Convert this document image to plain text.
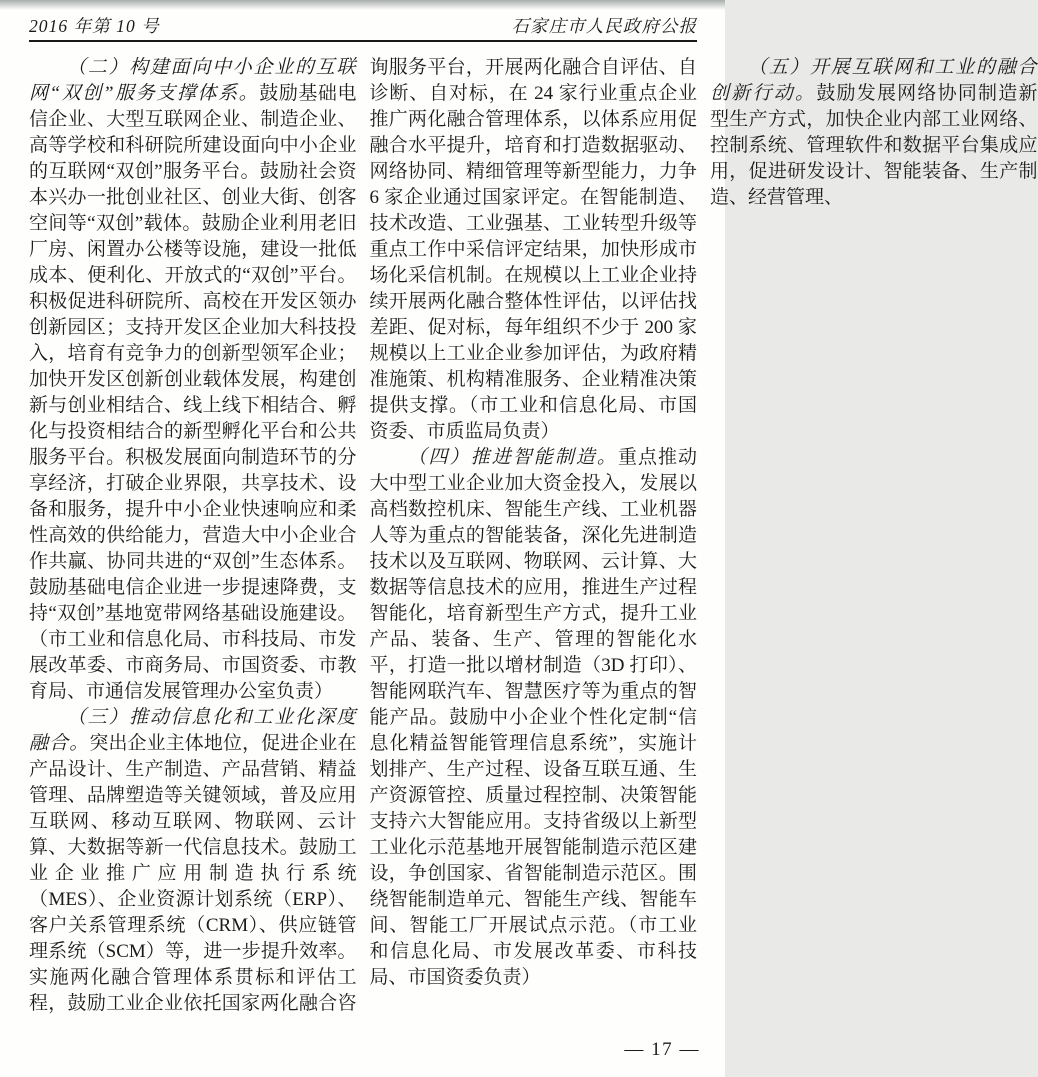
2016 年第 10 号	石家庄市人民政府公报

（二）构建面向中小企业的互联网“双创”服务支撑体系。鼓励基础电信企业、大型互联网企业、制造企业、高等学校和科研院所建设面向中小企业的互联网“双创”服务平台。鼓励社会资本兴办一批创业社区、创业大街、创客空间等“双创”载体。鼓励企业利用老旧厂房、闲置办公楼等设施，建设一批低成本、便利化、开放式的“双创”平台。积极促进科研院所、高校在开发区领办创新园区；支持开发区企业加大科技投入，培育有竞争力的创新型领军企业；加快开发区创新创业载体发展，构建创新与创业相结合、线上线下相结合、孵化与投资相结合的新型孵化平台和公共服务平台。积极发展面向制造环节的分享经济，打破企业界限，共享技术、设备和服务，提升中小企业快速响应和柔性高效的供给能力，营造大中小企业合作共赢、协同共进的“双创”生态体系。鼓励基础电信企业进一步提速降费，支持“双创”基地宽带网络基础设施建设。（市工业和信息化局、市科技局、市发展改革委、市商务局、市国资委、市教育局、市通信发展管理办公室负责）

（三）推动信息化和工业化深度融合。突出企业主体地位，促进企业在产品设计、生产制造、产品营销、精益管理、品牌塑造等关键领域，普及应用互联网、移动互联网、物联网、云计算、大数据等新一代信息技术。鼓励工业企业推广应用制造执行系统（MES）、企业资源计划系统（ERP）、客户关系管理系统（CRM）、供应链管理系统（SCM）等，进一步提升效率。实施两化融合管理体系贯标和评估工程，鼓励工业企业依托国家两化融合咨询服务平台，开展两化融合自评估、自诊断、自对标，在 24 家行业重点企业推广两化融合管理体系，以体系应用促融合水平提升，培育和打造数据驱动、网络协同、精细管理等新型能力，力争 6 家企业通过国家评定。在智能制造、技术改造、工业强基、工业转型升级等重点工作中采信评定结果，加快形成市场化采信机制。在规模以上工业企业持续开展两化融合整体性评估，以评估找差距、促对标，每年组织不少于 200 家规模以上工业企业参加评估，为政府精准施策、机构精准服务、企业精准决策提供支撑。（市工业和信息化局、市国资委、市质监局负责）

（四）推进智能制造。重点推动大中型工业企业加大资金投入，发展以高档数控机床、智能生产线、工业机器人等为重点的智能装备，深化先进制造技术以及互联网、物联网、云计算、大数据等信息技术的应用，推进生产过程智能化，培育新型生产方式，提升工业产品、装备、生产、管理的智能化水平，打造一批以增材制造（3D 打印）、智能网联汽车、智慧医疗等为重点的智能产品。鼓励中小企业个性化定制“信息化精益智能管理信息系统”，实施计划排产、生产过程、设备互联互通、生产资源管控、质量过程控制、决策智能支持六大智能应用。支持省级以上新型工业化示范基地开展智能制造示范区建设，争创国家、省智能制造示范区。围绕智能制造单元、智能生产线、智能车间、智能工厂开展试点示范。（市工业和信息化局、市发展改革委、市科技局、市国资委负责）

（五）开展互联网和工业的融合创新行动。鼓励发展网络协同制造新型生产方式，加快企业内部工业网络、控制系统、管理软件和数据平台集成应用，促进研发设计、智能装备、生产制造、经营管理、

— 17 —
